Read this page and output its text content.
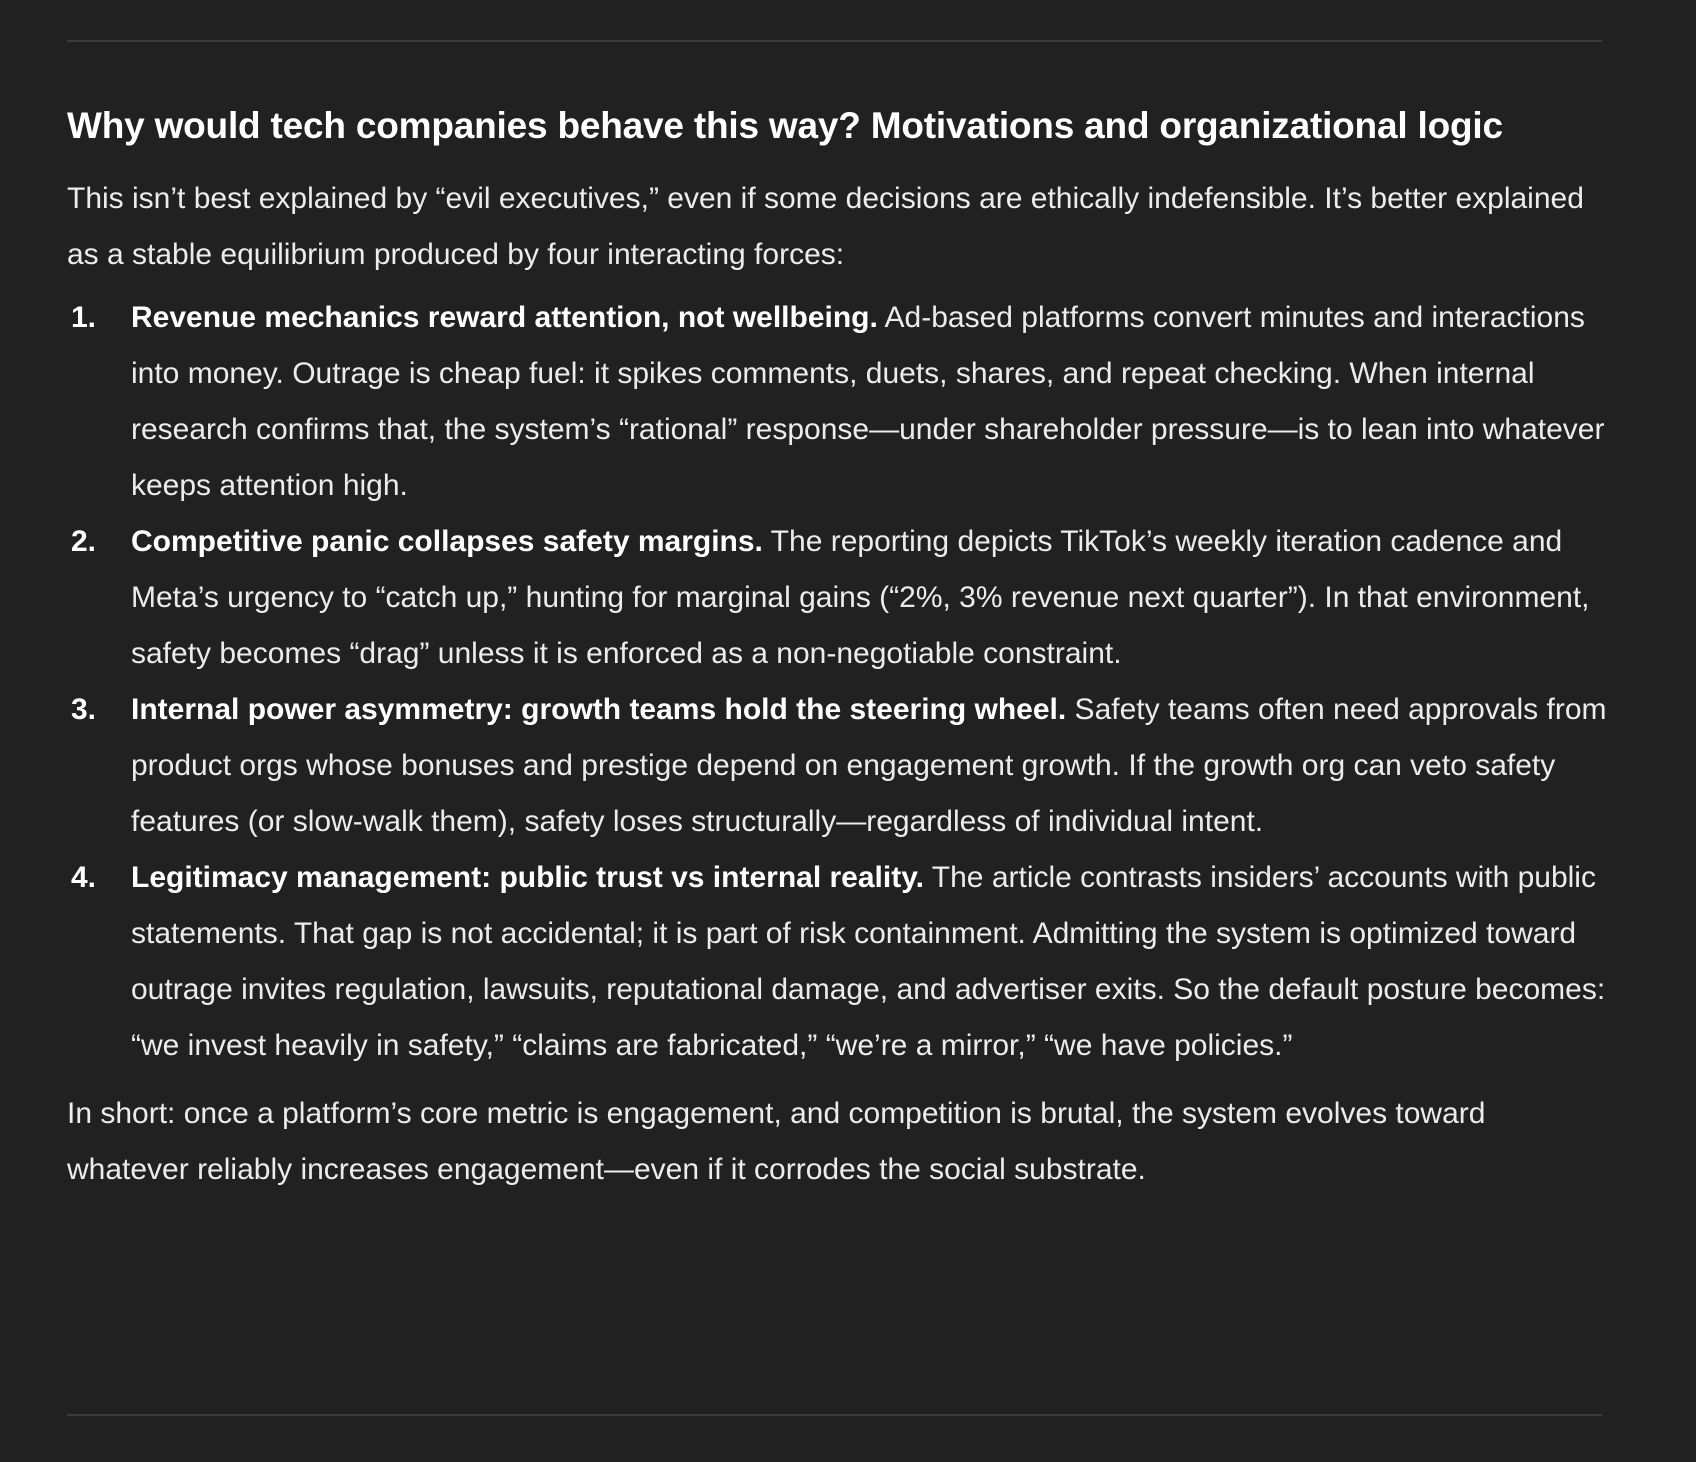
Why would tech companies behave this way? Motivations and organizational logic

This isn’t best explained by “evil executives,” even if some decisions are ethically indefensible. It’s better explained as a stable equilibrium produced by four interacting forces:

1. Revenue mechanics reward attention, not wellbeing. Ad-based platforms convert minutes and interactions into money. Outrage is cheap fuel: it spikes comments, duets, shares, and repeat checking. When internal research confirms that, the system’s “rational” response—under shareholder pressure—is to lean into whatever keeps attention high.
2. Competitive panic collapses safety margins. The reporting depicts TikTok’s weekly iteration cadence and Meta’s urgency to “catch up,” hunting for marginal gains (“2%, 3% revenue next quarter”). In that environment, safety becomes “drag” unless it is enforced as a non-negotiable constraint.
3. Internal power asymmetry: growth teams hold the steering wheel. Safety teams often need approvals from product orgs whose bonuses and prestige depend on engagement growth. If the growth org can veto safety features (or slow-walk them), safety loses structurally—regardless of individual intent.
4. Legitimacy management: public trust vs internal reality. The article contrasts insiders’ accounts with public statements. That gap is not accidental; it is part of risk containment. Admitting the system is optimized toward outrage invites regulation, lawsuits, reputational damage, and advertiser exits. So the default posture becomes: “we invest heavily in safety,” “claims are fabricated,” “we’re a mirror,” “we have policies.”

In short: once a platform’s core metric is engagement, and competition is brutal, the system evolves toward whatever reliably increases engagement—even if it corrodes the social substrate.
